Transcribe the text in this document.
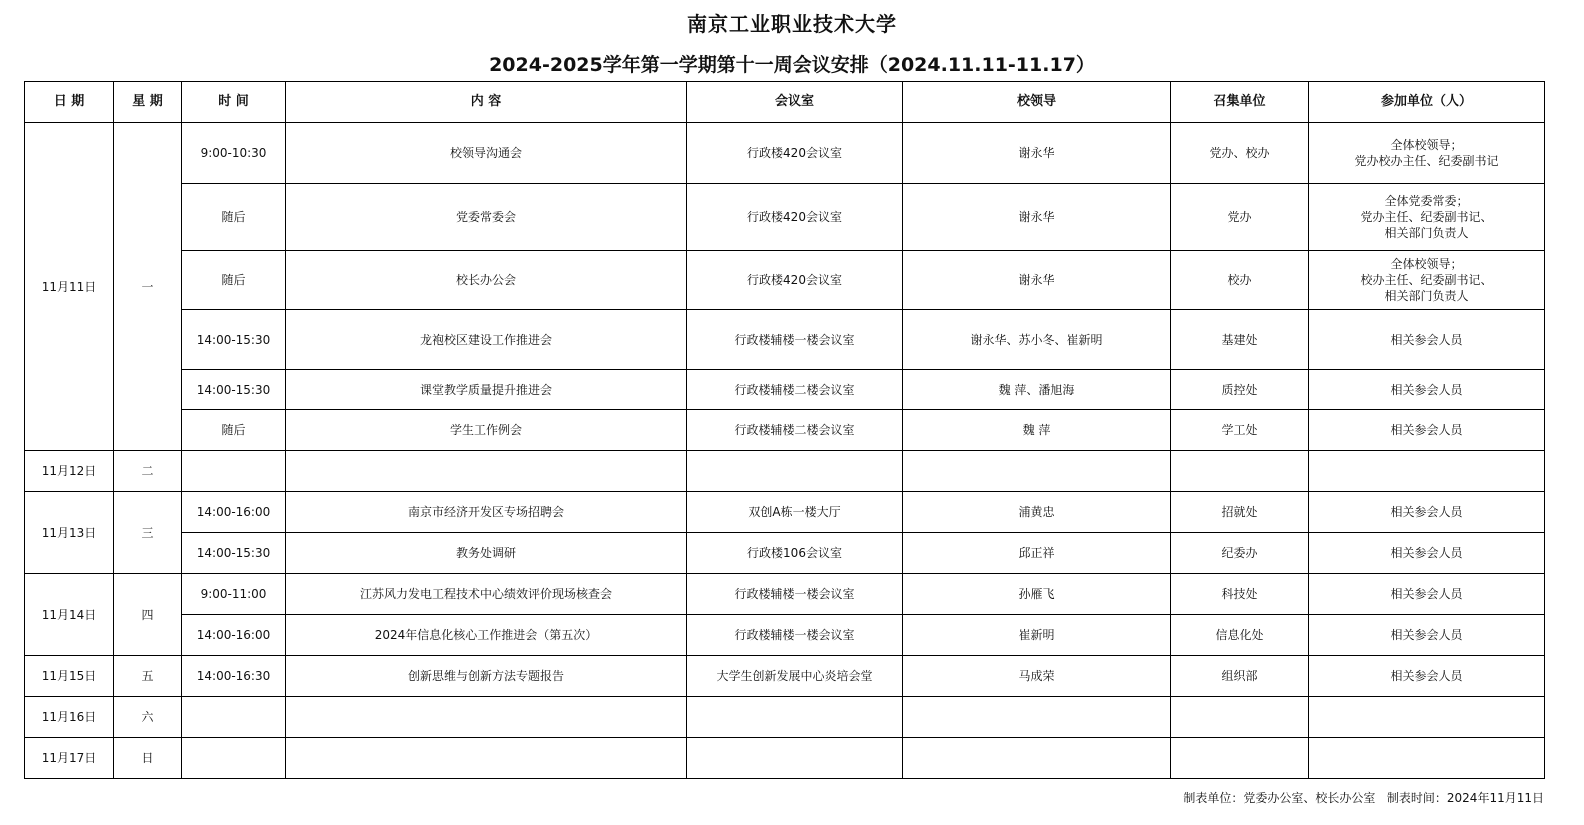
南京工业职业技术大学
2024-2025学年第一学期第十一周会议安排（2024.11.11-11.17）
日 期	星 期	时 间	内 容	会议室	校领导	召集单位	参加单位（人）
11月11日	一	9:00-10:30	校领导沟通会	行政楼420会议室	谢永华	党办、校办	全体校领导；
党办校办主任、纪委副书记
		随后	党委常委会	行政楼420会议室	谢永华	党办	全体党委常委；
党办主任、纪委副书记、
相关部门负责人
		随后	校长办公会	行政楼420会议室	谢永华	校办	全体校领导；
校办主任、纪委副书记、
相关部门负责人
		14:00-15:30	龙袍校区建设工作推进会	行政楼辅楼一楼会议室	谢永华、苏小冬、崔新明	基建处	相关参会人员
		14:00-15:30	课堂教学质量提升推进会	行政楼辅楼二楼会议室	魏 萍、潘旭海	质控处	相关参会人员
		随后	学生工作例会	行政楼辅楼二楼会议室	魏 萍	学工处	相关参会人员
11月12日	二						
11月13日	三	14:00-16:00	南京市经济开发区专场招聘会	双创A栋一楼大厅	浦黄忠	招就处	相关参会人员
		14:00-15:30	教务处调研	行政楼106会议室	邱正祥	纪委办	相关参会人员
11月14日	四	9:00-11:00	江苏风力发电工程技术中心绩效评价现场核查会	行政楼辅楼一楼会议室	孙雁飞	科技处	相关参会人员
		14:00-16:00	2024年信息化核心工作推进会（第五次）	行政楼辅楼一楼会议室	崔新明	信息化处	相关参会人员
11月15日	五	14:00-16:30	创新思维与创新方法专题报告	大学生创新发展中心炎培会堂	马成荣	组织部	相关参会人员
11月16日	六						
11月17日	日						
制表单位：党委办公室、校长办公室 制表时间：2024年11月11日
